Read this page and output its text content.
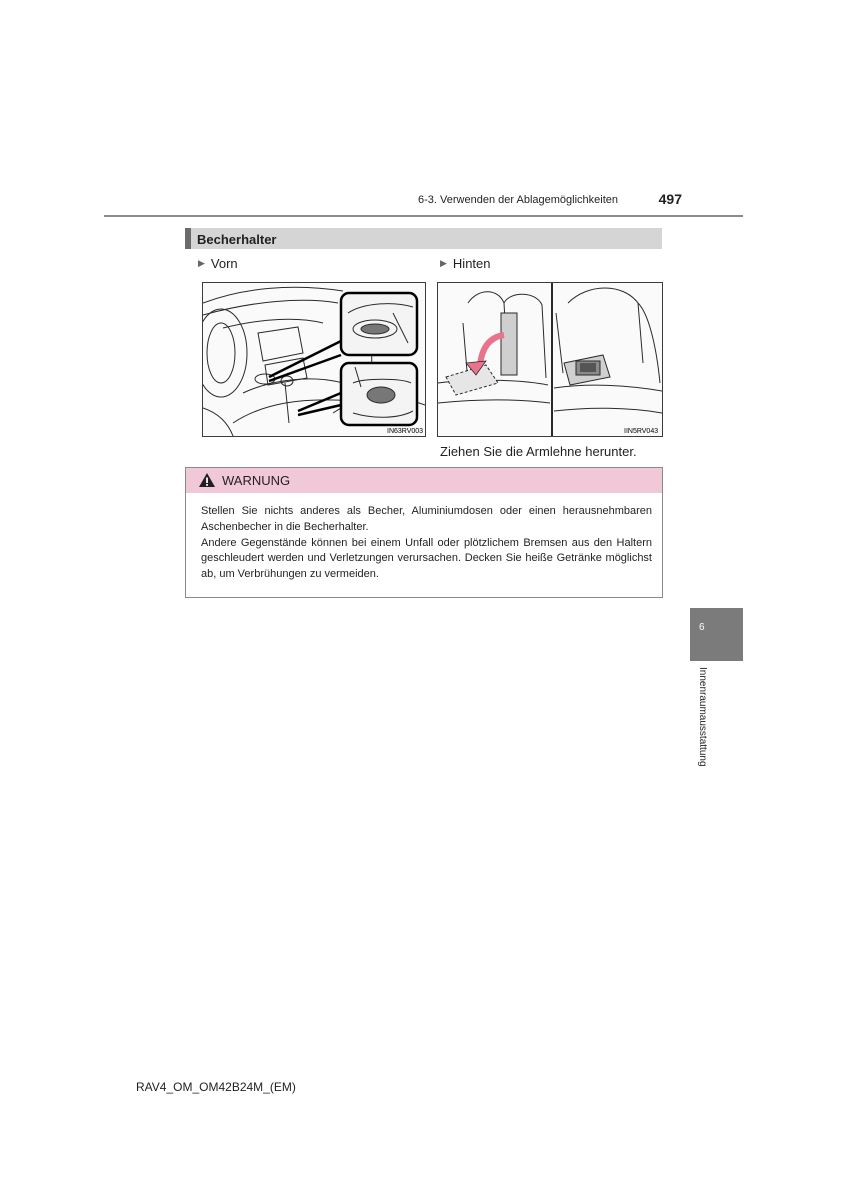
6-3. Verwenden der Ablagemöglichkeiten	497
Becherhalter
▶ Vorn	▶ Hinten
IN63RV003	IIN5RV043
Ziehen Sie die Armlehne herunter.
WARNUNG

Stellen Sie nichts anderes als Becher, Aluminiumdosen oder einen herausnehmbaren Aschenbecher in die Becherhalter.

Andere Gegenstände können bei einem Unfall oder plötzlichem Bremsen aus den Haltern geschleudert werden und Verletzungen verursachen. Decken Sie heiße Getränke möglichst ab, um Verbrühungen zu vermeiden.

6
Innenraumausstattung
RAV4_OM_OM42B24M_(EM)
